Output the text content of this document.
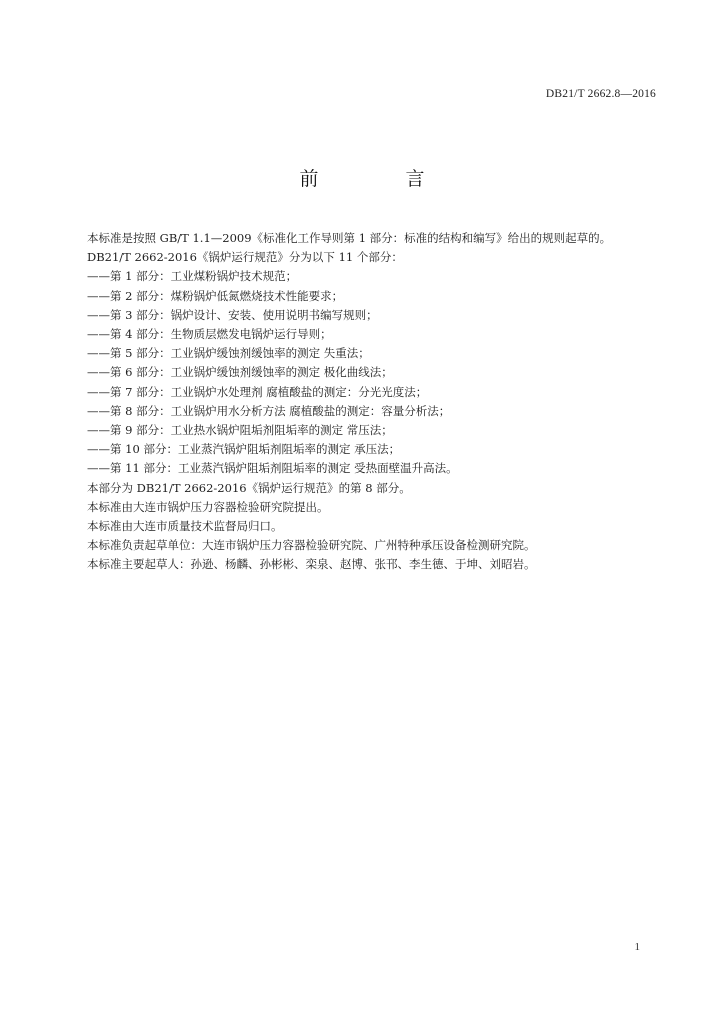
DB21/T 2662.8—2016
前　言
本标准是按照 GB/T 1.1—2009《标准化工作导则第 1 部分：标准的结构和编写》给出的规则起草的。
DB21/T 2662-2016《锅炉运行规范》分为以下 11 个部分：
——第 1 部分：工业煤粉锅炉技术规范；
——第 2 部分：煤粉锅炉低氮燃烧技术性能要求；
——第 3 部分：锅炉设计、安装、使用说明书编写规则；
——第 4 部分：生物质层燃发电锅炉运行导则；
——第 5 部分：工业锅炉缓蚀剂缓蚀率的测定 失重法；
——第 6 部分：工业锅炉缓蚀剂缓蚀率的测定 极化曲线法；
——第 7 部分：工业锅炉水处理剂 腐植酸盐的测定：分光光度法；
——第 8 部分：工业锅炉用水分析方法 腐植酸盐的测定：容量分析法；
——第 9 部分：工业热水锅炉阻垢剂阻垢率的测定 常压法；
——第 10 部分：工业蒸汽锅炉阻垢剂阻垢率的测定 承压法；
——第 11 部分：工业蒸汽锅炉阻垢剂阻垢率的测定 受热面壁温升高法。
本部分为 DB21/T 2662-2016《锅炉运行规范》的第 8 部分。
本标准由大连市锅炉压力容器检验研究院提出。
本标准由大连市质量技术监督局归口。
本标准负责起草单位：大连市锅炉压力容器检验研究院、广州特种承压设备检测研究院。
本标准主要起草人：孙逊、杨麟、孙彬彬、栾泉、赵博、张邗、李生德、于坤、刘昭岩。
1
